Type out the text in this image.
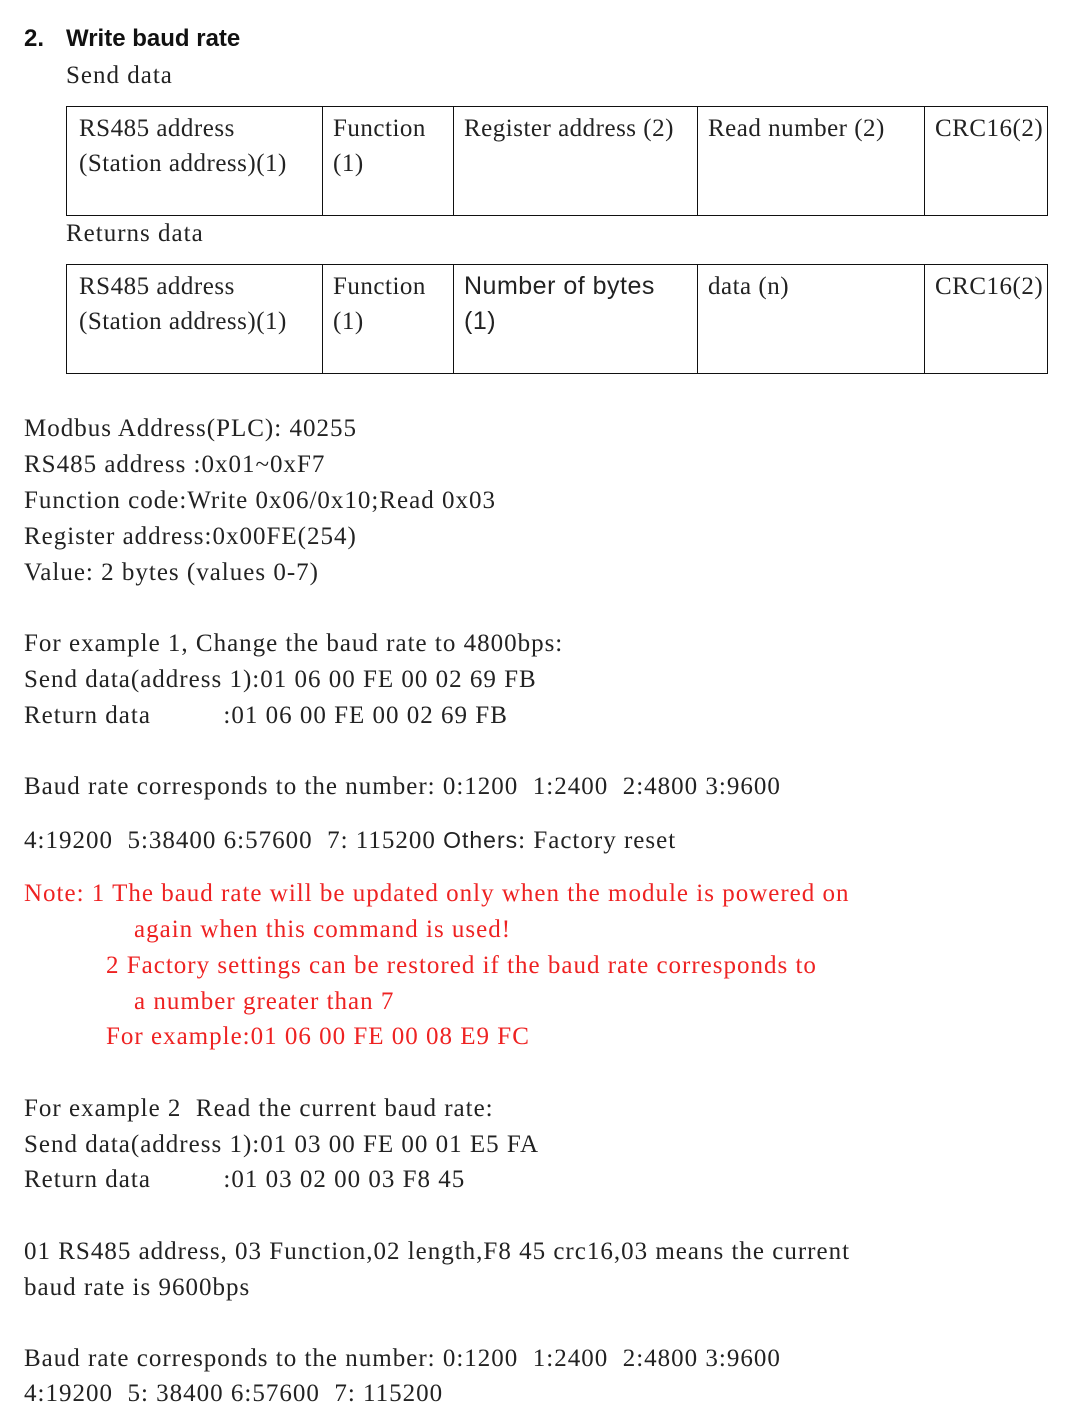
2. Write baud rate
Send data
RS485 address (Station address)(1)	Function (1)	Register address (2)	Read number (2)	CRC16(2)
Returns data
RS485 address (Station address)(1)	Function (1)	Number of bytes (1)	data (n)	CRC16(2)
Modbus Address(PLC): 40255
RS485 address :0x01~0xF7
Function code:Write 0x06/0x10;Read 0x03
Register address:0x00FE(254)
Value: 2 bytes (values 0-7)
For example 1, Change the baud rate to 4800bps:
Send data(address 1):01 06 00 FE 00 02 69 FB
Return data          :01 06 00 FE 00 02 69 FB
Baud rate corresponds to the number: 0:1200  1:2400  2:4800 3:9600
4:19200  5:38400 6:57600  7: 115200 Others: Factory reset
Note: 1 The baud rate will be updated only when the module is powered on
again when this command is used!
2 Factory settings can be restored if the baud rate corresponds to
a number greater than 7
For example:01 06 00 FE 00 08 E9 FC
For example 2  Read the current baud rate:
Send data(address 1):01 03 00 FE 00 01 E5 FA
Return data          :01 03 02 00 03 F8 45
01 RS485 address, 03 Function,02 length,F8 45 crc16,03 means the current
baud rate is 9600bps
Baud rate corresponds to the number: 0:1200  1:2400  2:4800 3:9600
4:19200  5: 38400 6:57600  7: 115200
